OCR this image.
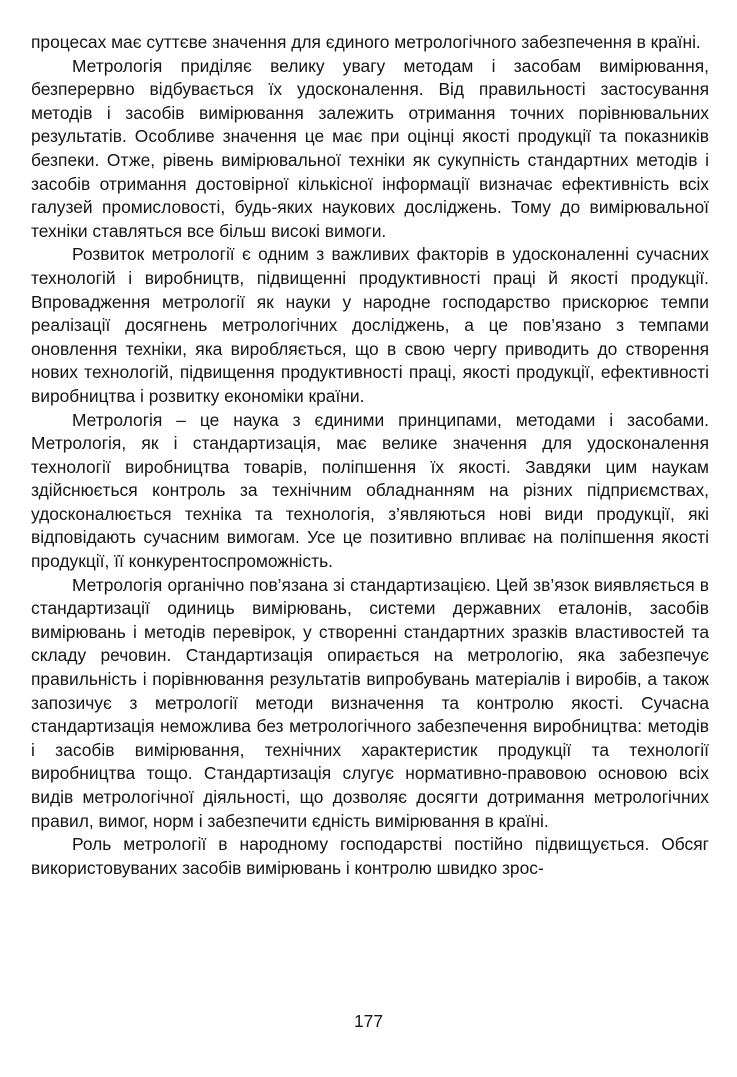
процесах має суттєве значення для єдиного метрологічного забезпечення в країні.

Метрологія приділяє велику увагу методам і засобам вимірювання, безперервно відбувається їх удосконалення. Від правильності застосування методів і засобів вимірювання залежить отримання точних порівнювальних результатів. Особливе значення це має при оцінці якості продукції та показників безпеки. Отже, рівень вимірювальної техніки як сукупність стандартних методів і засобів отримання достовірної кількісної інформації визначає ефективність всіх галузей промисловості, будь-яких наукових досліджень. Тому до вимірювальної техніки ставляться все більш високі вимоги.

Розвиток метрології є одним з важливих факторів в удосконаленні сучасних технологій і виробництв, підвищенні продуктивності праці й якості продукції. Впровадження метрології як науки у народне господарство прискорює темпи реалізації досягнень метрологічних досліджень, а це пов’язано з темпами оновлення техніки, яка виробляється, що в свою чергу приводить до створення нових технологій, підвищення продуктивності праці, якості продукції, ефективності виробництва і розвитку економіки країни.

Метрологія – це наука з єдиними принципами, методами і засобами. Метрологія, як і стандартизація, має велике значення для удосконалення технології виробництва товарів, поліпшення їх якості. Завдяки цим наукам здійснюється контроль за технічним обладнанням на різних підприємствах, удосконалюється техніка та технологія, з’являються нові види продукції, які відповідають сучасним вимогам. Усе це позитивно впливає на поліпшення якості продукції, її конкурентоспроможність.

Метрологія органічно пов’язана зі стандартизацією. Цей зв’язок виявляється в стандартизації одиниць вимірювань, системи державних еталонів, засобів вимірювань і методів перевірок, у створенні стандартних зразків властивостей та складу речовин. Стандартизація опирається на метрологію, яка забезпечує правильність і порівнювання результатів випробувань матеріалів і виробів, а також запозичує з метрології методи визначення та контролю якості. Сучасна стандартизація неможлива без метрологічного забезпечення виробництва: методів і засобів вимірювання, технічних характеристик продукції та технології виробництва тощо. Стандартизація слугує нормативно-правовою основою всіх видів метрологічної діяльності, що дозволяє досягти дотримання метрологічних правил, вимог, норм і забезпечити єдність вимірювання в країні.

Роль метрології в народному господарстві постійно підвищується. Обсяг використовуваних засобів вимірювань і контролю швидко зрос-

177
